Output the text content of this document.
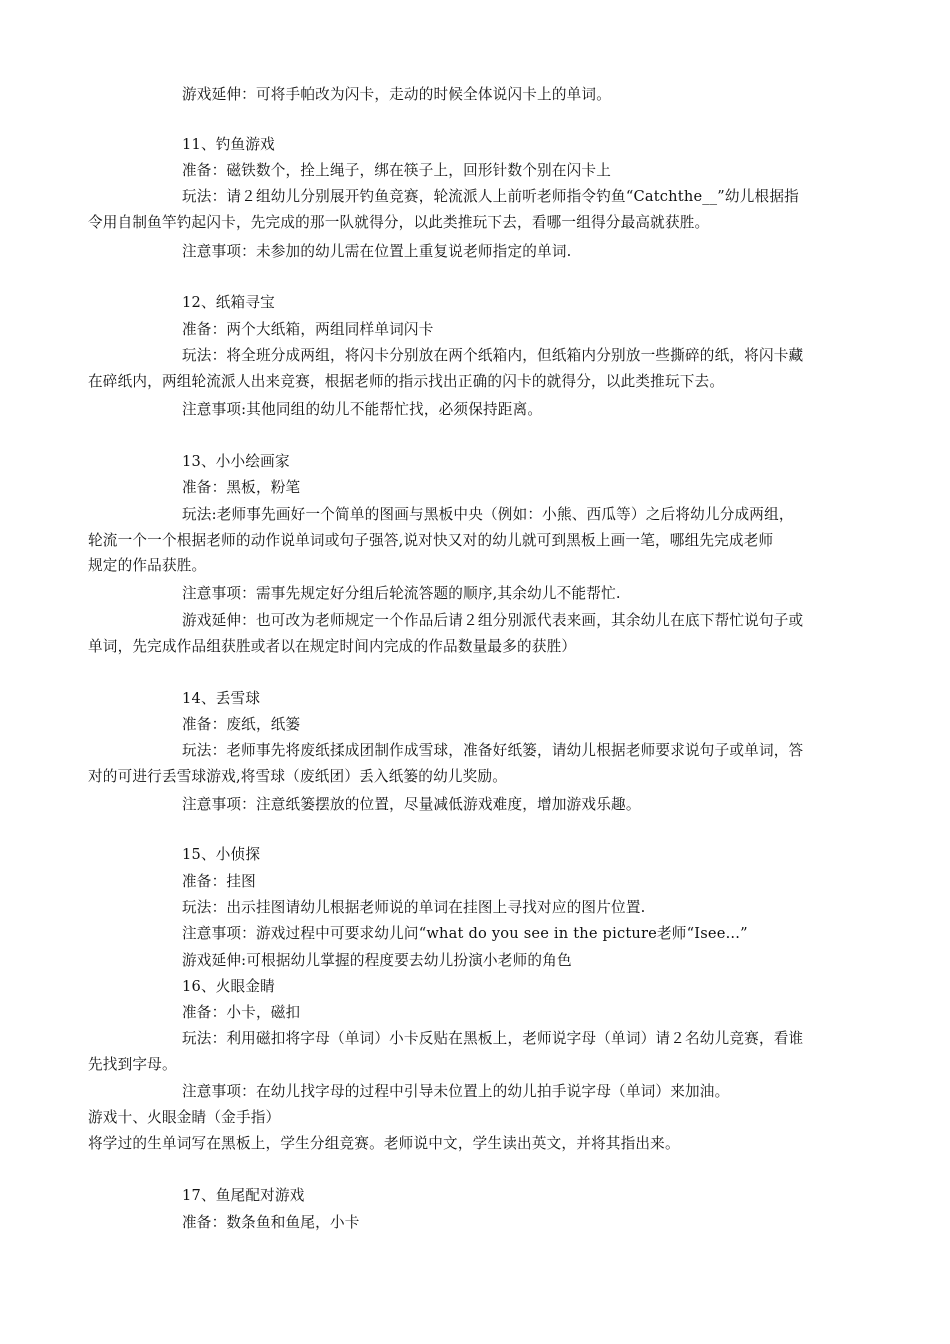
游戏延伸：可将手帕改为闪卡，走动的时候全体说闪卡上的单词。

11、钓鱼游戏

准备：磁铁数个，拴上绳子，绑在筷子上，回形针数个别在闪卡上

玩法：请２组幼儿分别展开钓鱼竞赛，轮流派人上前听老师指令钓鱼“Catchthe__”幼儿根据指

令用自制鱼竿钓起闪卡，先完成的那一队就得分，以此类推玩下去，看哪一组得分最高就获胜。

注意事项：未参加的幼儿需在位置上重复说老师指定的单词.

12、纸箱寻宝

准备：两个大纸箱，两组同样单词闪卡

玩法：将全班分成两组，将闪卡分别放在两个纸箱内，但纸箱内分别放一些撕碎的纸，将闪卡藏

在碎纸内，两组轮流派人出来竞赛，根据老师的指示找出正确的闪卡的就得分，以此类推玩下去。

注意事项:其他同组的幼儿不能帮忙找，必须保持距离。

13、小小绘画家

准备：黑板，粉笔

玩法:老师事先画好一个简单的图画与黑板中央（例如：小熊、西瓜等）之后将幼儿分成两组，

轮流一个一个根据老师的动作说单词或句子强答,说对快又对的幼儿就可到黑板上画一笔，哪组先完成老师

规定的作品获胜。

注意事项：需事先规定好分组后轮流答题的顺序,其余幼儿不能帮忙.

游戏延伸：也可改为老师规定一个作品后请２组分别派代表来画，其余幼儿在底下帮忙说句子或

单词，先完成作品组获胜或者以在规定时间内完成的作品数量最多的获胜）

14、丢雪球

准备：废纸，纸篓

玩法：老师事先将废纸揉成团制作成雪球，准备好纸篓，请幼儿根据老师要求说句子或单词，答

对的可进行丢雪球游戏,将雪球（废纸团）丢入纸篓的幼儿奖励。

注意事项：注意纸篓摆放的位置，尽量减低游戏难度，增加游戏乐趣。

15、小侦探

准备：挂图

玩法：出示挂图请幼儿根据老师说的单词在挂图上寻找对应的图片位置.

注意事项：游戏过程中可要求幼儿问“what do you see in the picture老师“Isee...”

游戏延伸:可根据幼儿掌握的程度要去幼儿扮演小老师的角色

16、火眼金睛

准备：小卡，磁扣

玩法：利用磁扣将字母（单词）小卡反贴在黑板上，老师说字母（单词）请２名幼儿竞赛，看谁

先找到字母。

注意事项：在幼儿找字母的过程中引导未位置上的幼儿拍手说字母（单词）来加油。

游戏十、火眼金睛（金手指）

将学过的生单词写在黑板上，学生分组竞赛。老师说中文，学生读出英文，并将其指出来。

17、鱼尾配对游戏

准备：数条鱼和鱼尾，小卡
